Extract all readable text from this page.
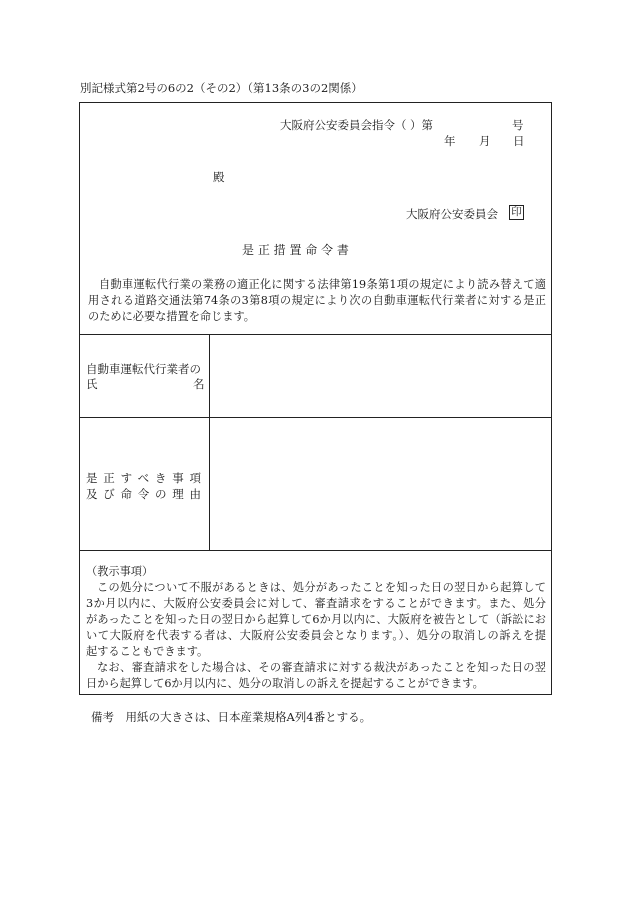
別記様式第2号の6の2（その2）（第13条の3の2関係）
大阪府公安委員会指令（ ）第	号
年 月 日
殿
大阪府公安委員会 印
是 正 措 置 命 令 書

自動車運転代行業の業務の適正化に関する法律第19条第1項の規定により読み替えて適

用される道路交通法第74条の3第8項の規定により次の自動車運転代行業者に対する是正

のために必要な措置を命じます。

自動車運転代行業者の
氏	名
是正すべき事項
及び命令の理由

（教示事項）

この処分について不服があるときは、処分があったことを知った日の翌日から起算して

3か月以内に、大阪府公安委員会に対して、審査請求をすることができます。また、処分

があったことを知った日の翌日から起算して6か月以内に、大阪府を被告として（訴訟にお

いて大阪府を代表する者は、大阪府公安委員会となります。）、処分の取消しの訴えを提

起することもできます。

なお、審査請求をした場合は、その審査請求に対する裁決があったことを知った日の翌

日から起算して6か月以内に、処分の取消しの訴えを提起することができます。

備考　用紙の大きさは、日本産業規格A列4番とする。
